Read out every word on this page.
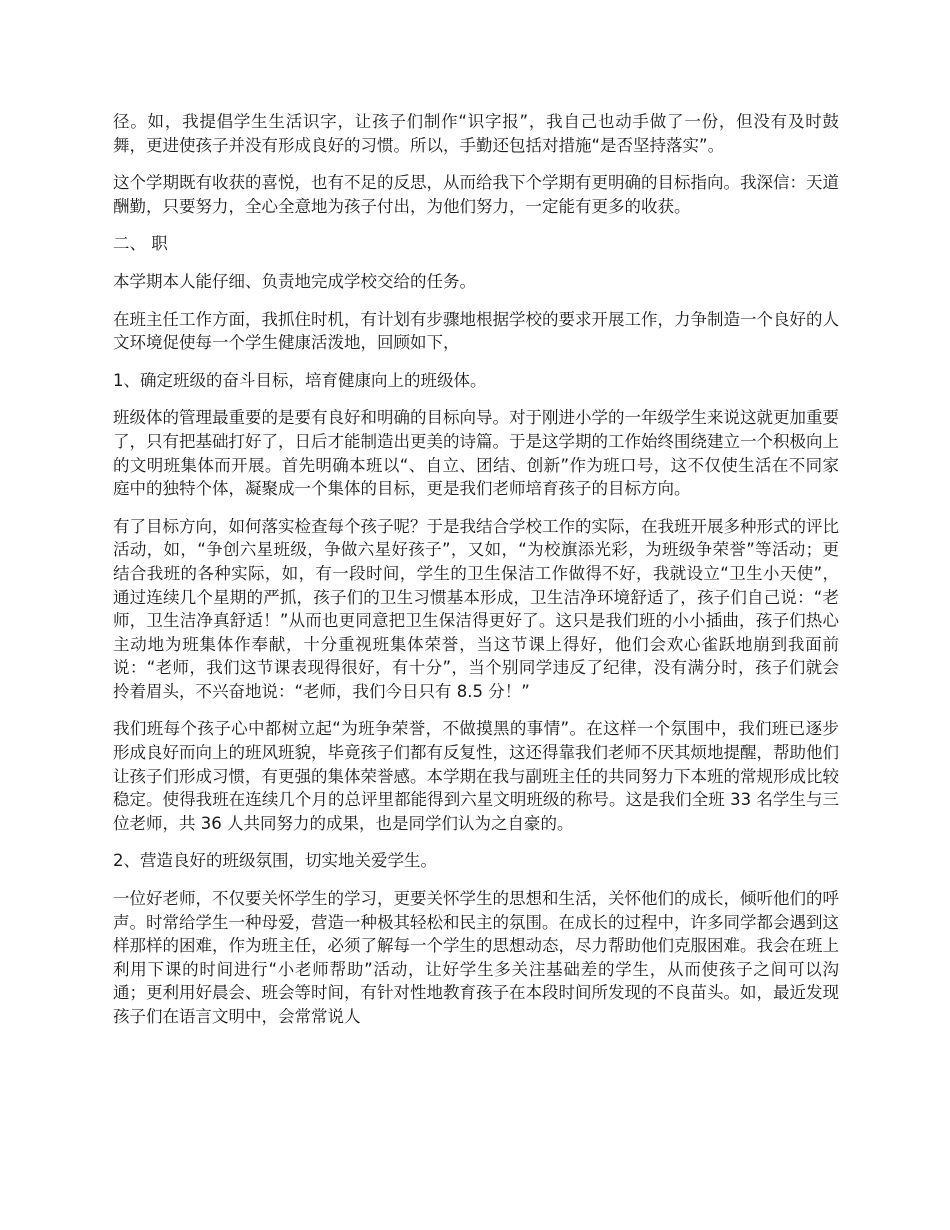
径。如，我提倡学生生活识字，让孩子们制作“识字报”，我自己也动手做了一份，但没有及时鼓舞，更进使孩子并没有形成良好的习惯。所以，手勤还包括对措施“是否坚持落实”。

这个学期既有收获的喜悦，也有不足的反思，从而给我下个学期有更明确的目标指向。我深信：天道酬勤，只要努力，全心全意地为孩子付出，为他们努力，一定能有更多的收获。

二、 职

本学期本人能仔细、负责地完成学校交给的任务。

在班主任工作方面，我抓住时机，有计划有步骤地根据学校的要求开展工作，力争制造一个良好的人文环境促使每一个学生健康活泼地，回顾如下，

1、确定班级的奋斗目标，培育健康向上的班级体。

班级体的管理最重要的是要有良好和明确的目标向导。对于刚进小学的一年级学生来说这就更加重要了，只有把基础打好了，日后才能制造出更美的诗篇。于是这学期的工作始终围绕建立一个积极向上的文明班集体而开展。首先明确本班以“、自立、团结、创新”作为班口号，这不仅使生活在不同家庭中的独特个体，凝聚成一个集体的目标，更是我们老师培育孩子的目标方向。

有了目标方向，如何落实检查每个孩子呢？于是我结合学校工作的实际，在我班开展多种形式的评比活动，如，“争创六星班级，争做六星好孩子”，又如，“为校旗添光彩，为班级争荣誉”等活动；更结合我班的各种实际，如，有一段时间，学生的卫生保洁工作做得不好，我就设立“卫生小天使”，通过连续几个星期的严抓，孩子们的卫生习惯基本形成，卫生洁净环境舒适了，孩子们自己说：“老师，卫生洁净真舒适！”从而也更同意把卫生保洁得更好了。这只是我们班的小小插曲，孩子们热心主动地为班集体作奉献，十分重视班集体荣誉，当这节课上得好，他们会欢心雀跃地崩到我面前说：“老师，我们这节课表现得很好，有十分”，当个别同学违反了纪律，没有满分时，孩子们就会拎着眉头，不兴奋地说：“老师，我们今日只有 8.5 分！”

我们班每个孩子心中都树立起“为班争荣誉，不做摸黑的事情”。在这样一个氛围中，我们班已逐步形成良好而向上的班风班貌，毕竟孩子们都有反复性，这还得靠我们老师不厌其烦地提醒，帮助他们让孩子们形成习惯，有更强的集体荣誉感。本学期在我与副班主任的共同努力下本班的常规形成比较稳定。使得我班在连续几个月的总评里都能得到六星文明班级的称号。这是我们全班 33 名学生与三位老师，共 36 人共同努力的成果，也是同学们认为之自豪的。

2、营造良好的班级氛围，切实地关爱学生。

一位好老师，不仅要关怀学生的学习，更要关怀学生的思想和生活，关怀他们的成长，倾听他们的呼声。时常给学生一种母爱，营造一种极其轻松和民主的氛围。在成长的过程中，许多同学都会遇到这样那样的困难，作为班主任，必须了解每一个学生的思想动态，尽力帮助他们克服困难。我会在班上利用下课的时间进行“小老师帮助”活动，让好学生多关注基础差的学生，从而使孩子之间可以沟通；更利用好晨会、班会等时间，有针对性地教育孩子在本段时间所发现的不良苗头。如，最近发现孩子们在语言文明中，会常常说人
